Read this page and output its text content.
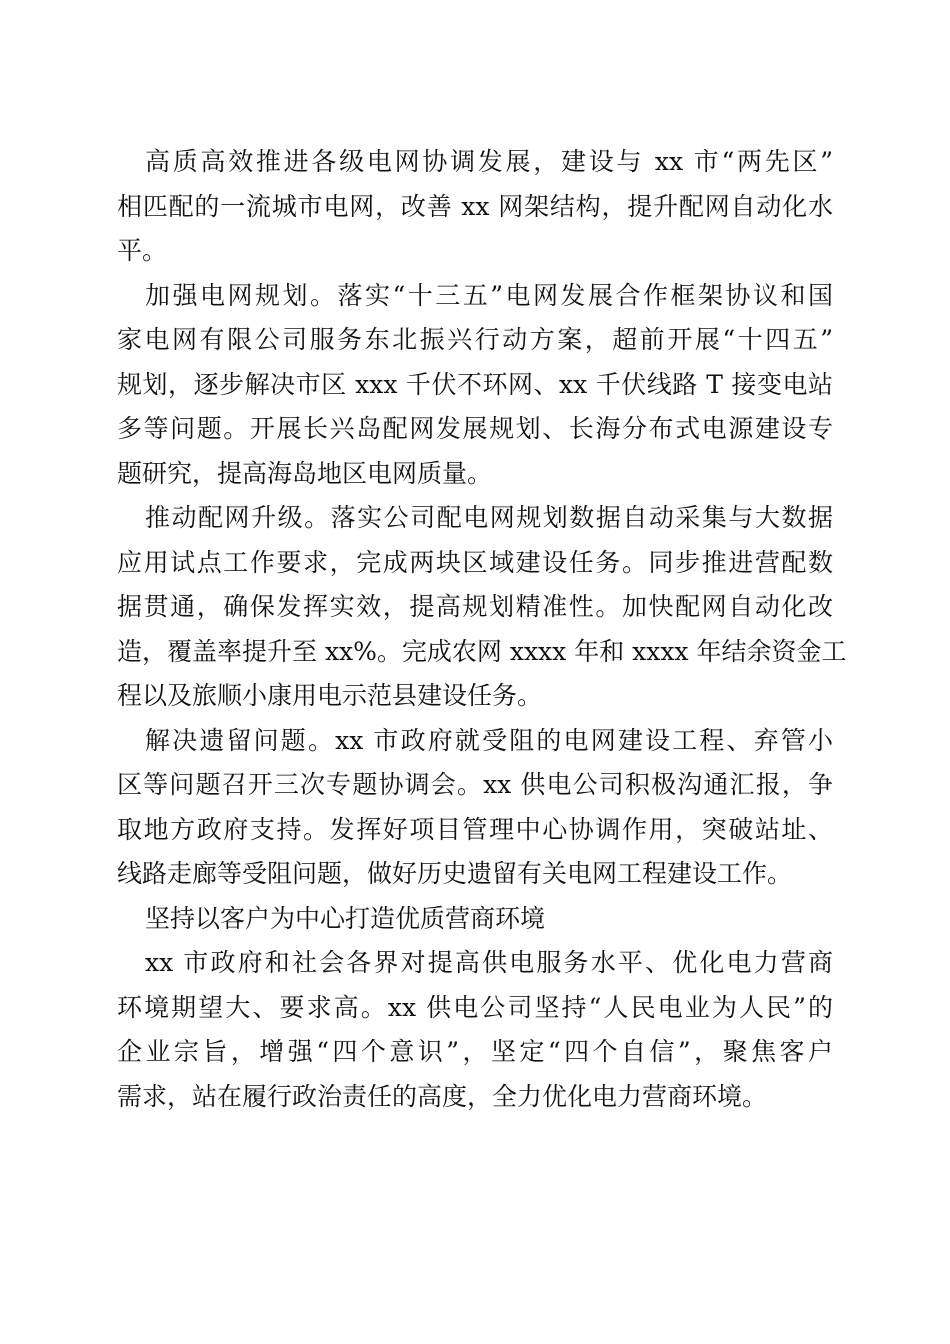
高质高效推进各级电网协调发展，建设与 xx 市“两先区”
相匹配的一流城市电网，改善 xx 网架结构，提升配网自动化水
平。
加强电网规划。落实“十三五”电网发展合作框架协议和国
家电网有限公司服务东北振兴行动方案，超前开展“十四五”
规划，逐步解决市区 xxx 千伏不环网、xx 千伏线路 T 接变电站
多等问题。开展长兴岛配网发展规划、长海分布式电源建设专
题研究，提高海岛地区电网质量。
推动配网升级。落实公司配电网规划数据自动采集与大数据
应用试点工作要求，完成两块区域建设任务。同步推进营配数
据贯通，确保发挥实效，提高规划精准性。加快配网自动化改
造，覆盖率提升至 xx%。完成农网 xxxx 年和 xxxx 年结余资金工
程以及旅顺小康用电示范县建设任务。
解决遗留问题。xx 市政府就受阻的电网建设工程、弃管小
区等问题召开三次专题协调会。xx 供电公司积极沟通汇报，争
取地方政府支持。发挥好项目管理中心协调作用，突破站址、
线路走廊等受阻问题，做好历史遗留有关电网工程建设工作。
坚持以客户为中心打造优质营商环境
xx 市政府和社会各界对提高供电服务水平、优化电力营商
环境期望大、要求高。xx 供电公司坚持“人民电业为人民”的
企业宗旨，增强“四个意识”，坚定“四个自信”，聚焦客户
需求，站在履行政治责任的高度，全力优化电力营商环境。
